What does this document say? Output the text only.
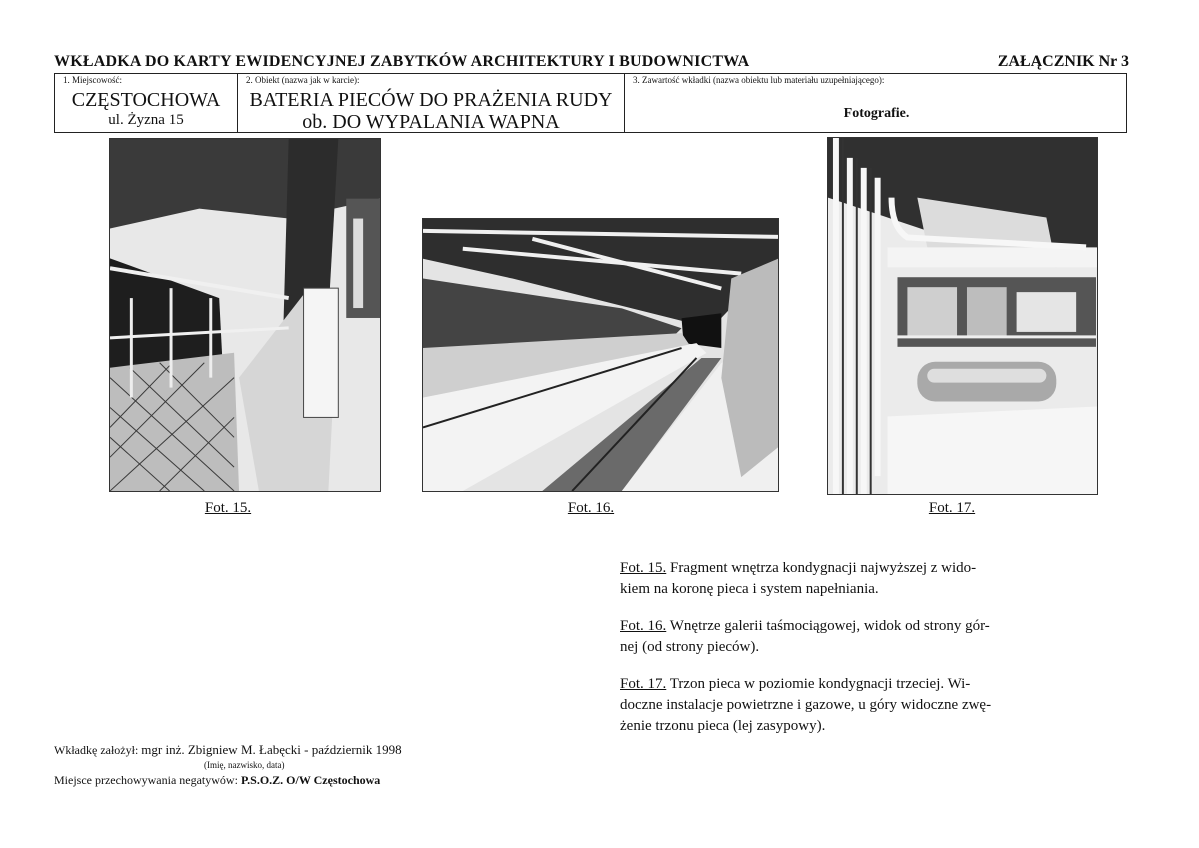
WKŁADKA DO KARTY EWIDENCYJNEJ ZABYTKÓW ARCHITEKTURY I BUDOWNICTWA	ZAŁĄCZNIK Nr 3
1. Miejscowość:
CZĘSTOCHOWA
ul. Żyzna 15
2. Obiekt (nazwa jak w karcie):
BATERIA PIECÓW DO PRAŻENIA RUDY
ob. DO WYPALANIA WAPNA
3. Zawartość wkładki (nazwa obiektu lub materiału uzupełniającego):
Fotografie.
Fot. 15.	Fot. 16.	Fot. 17.

Fot. 15. Fragment wnętrza kondygnacji najwyższej z wido-
kiem na koronę pieca i system napełniania.

Fot. 16. Wnętrze galerii taśmociągowej, widok od strony gór-
nej (od strony pieców).

Fot. 17. Trzon pieca w poziomie kondygnacji trzeciej. Wi-
doczne instalacje powietrzne i gazowe, u góry widoczne zwę-
żenie trzonu pieca (lej zasypowy).

Wkładkę założył: mgr inż. Zbigniew M. Łabęcki - październik 1998
(Imię, nazwisko, data)
Miejsce przechowywania negatywów: P.S.O.Z. O/W Częstochowa
